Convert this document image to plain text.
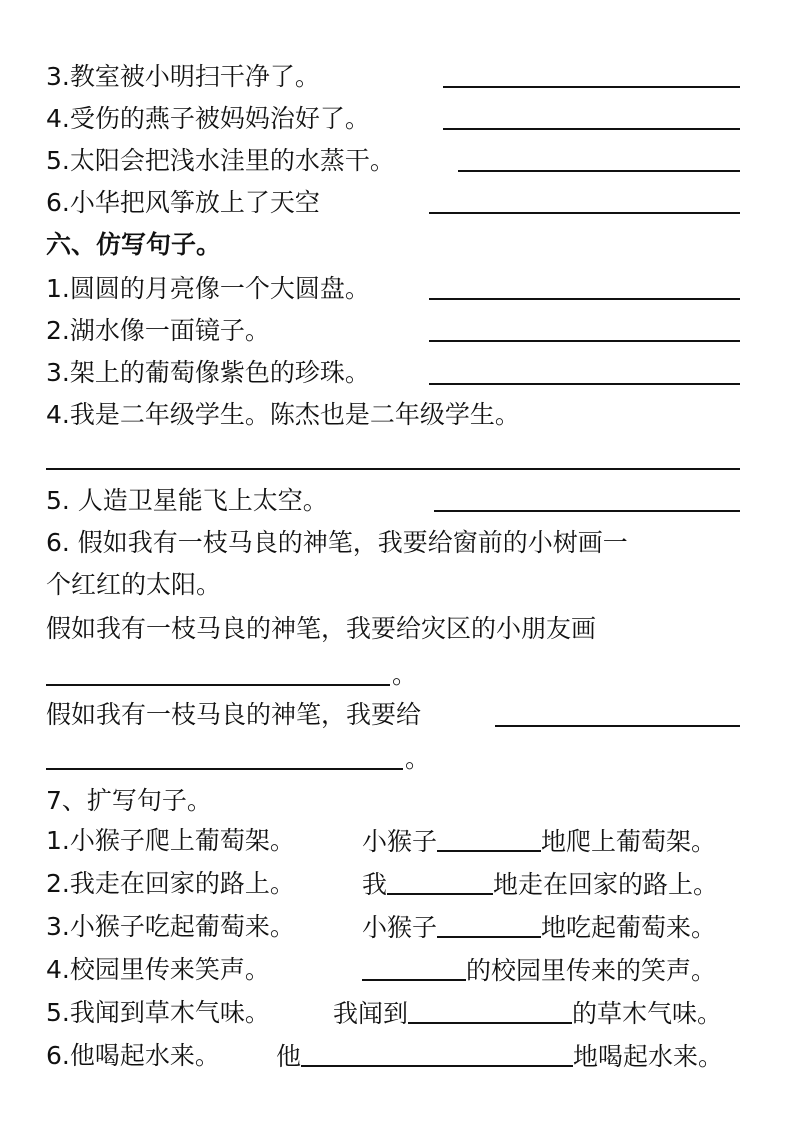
3.教室被小明扫干净了。
4.受伤的燕子被妈妈治好了。
5.太阳会把浅水洼里的水蒸干。
6.小华把风筝放上了天空
六、仿写句子。
1.圆圆的月亮像一个大圆盘。
2.湖水像一面镜子。
3.架上的葡萄像紫色的珍珠。
4.我是二年级学生。陈杰也是二年级学生。
5. 人造卫星能飞上太空。
6. 假如我有一枝马良的神笔，我要给窗前的小树画一
个红红的太阳。
假如我有一枝马良的神笔，我要给灾区的小朋友画
。
假如我有一枝马良的神笔，我要给
。
7、扩写句子。
1.小猴子爬上葡萄架。	小猴子	地爬上葡萄架。
2.我走在回家的路上。	我	地走在回家的路上。
3.小猴子吃起葡萄来。	小猴子	地吃起葡萄来。
4.校园里传来笑声。	的校园里传来的笑声。
5.我闻到草木气味。	我闻到	的草木气味。
6.他喝起水来。 他	地喝起水来。
